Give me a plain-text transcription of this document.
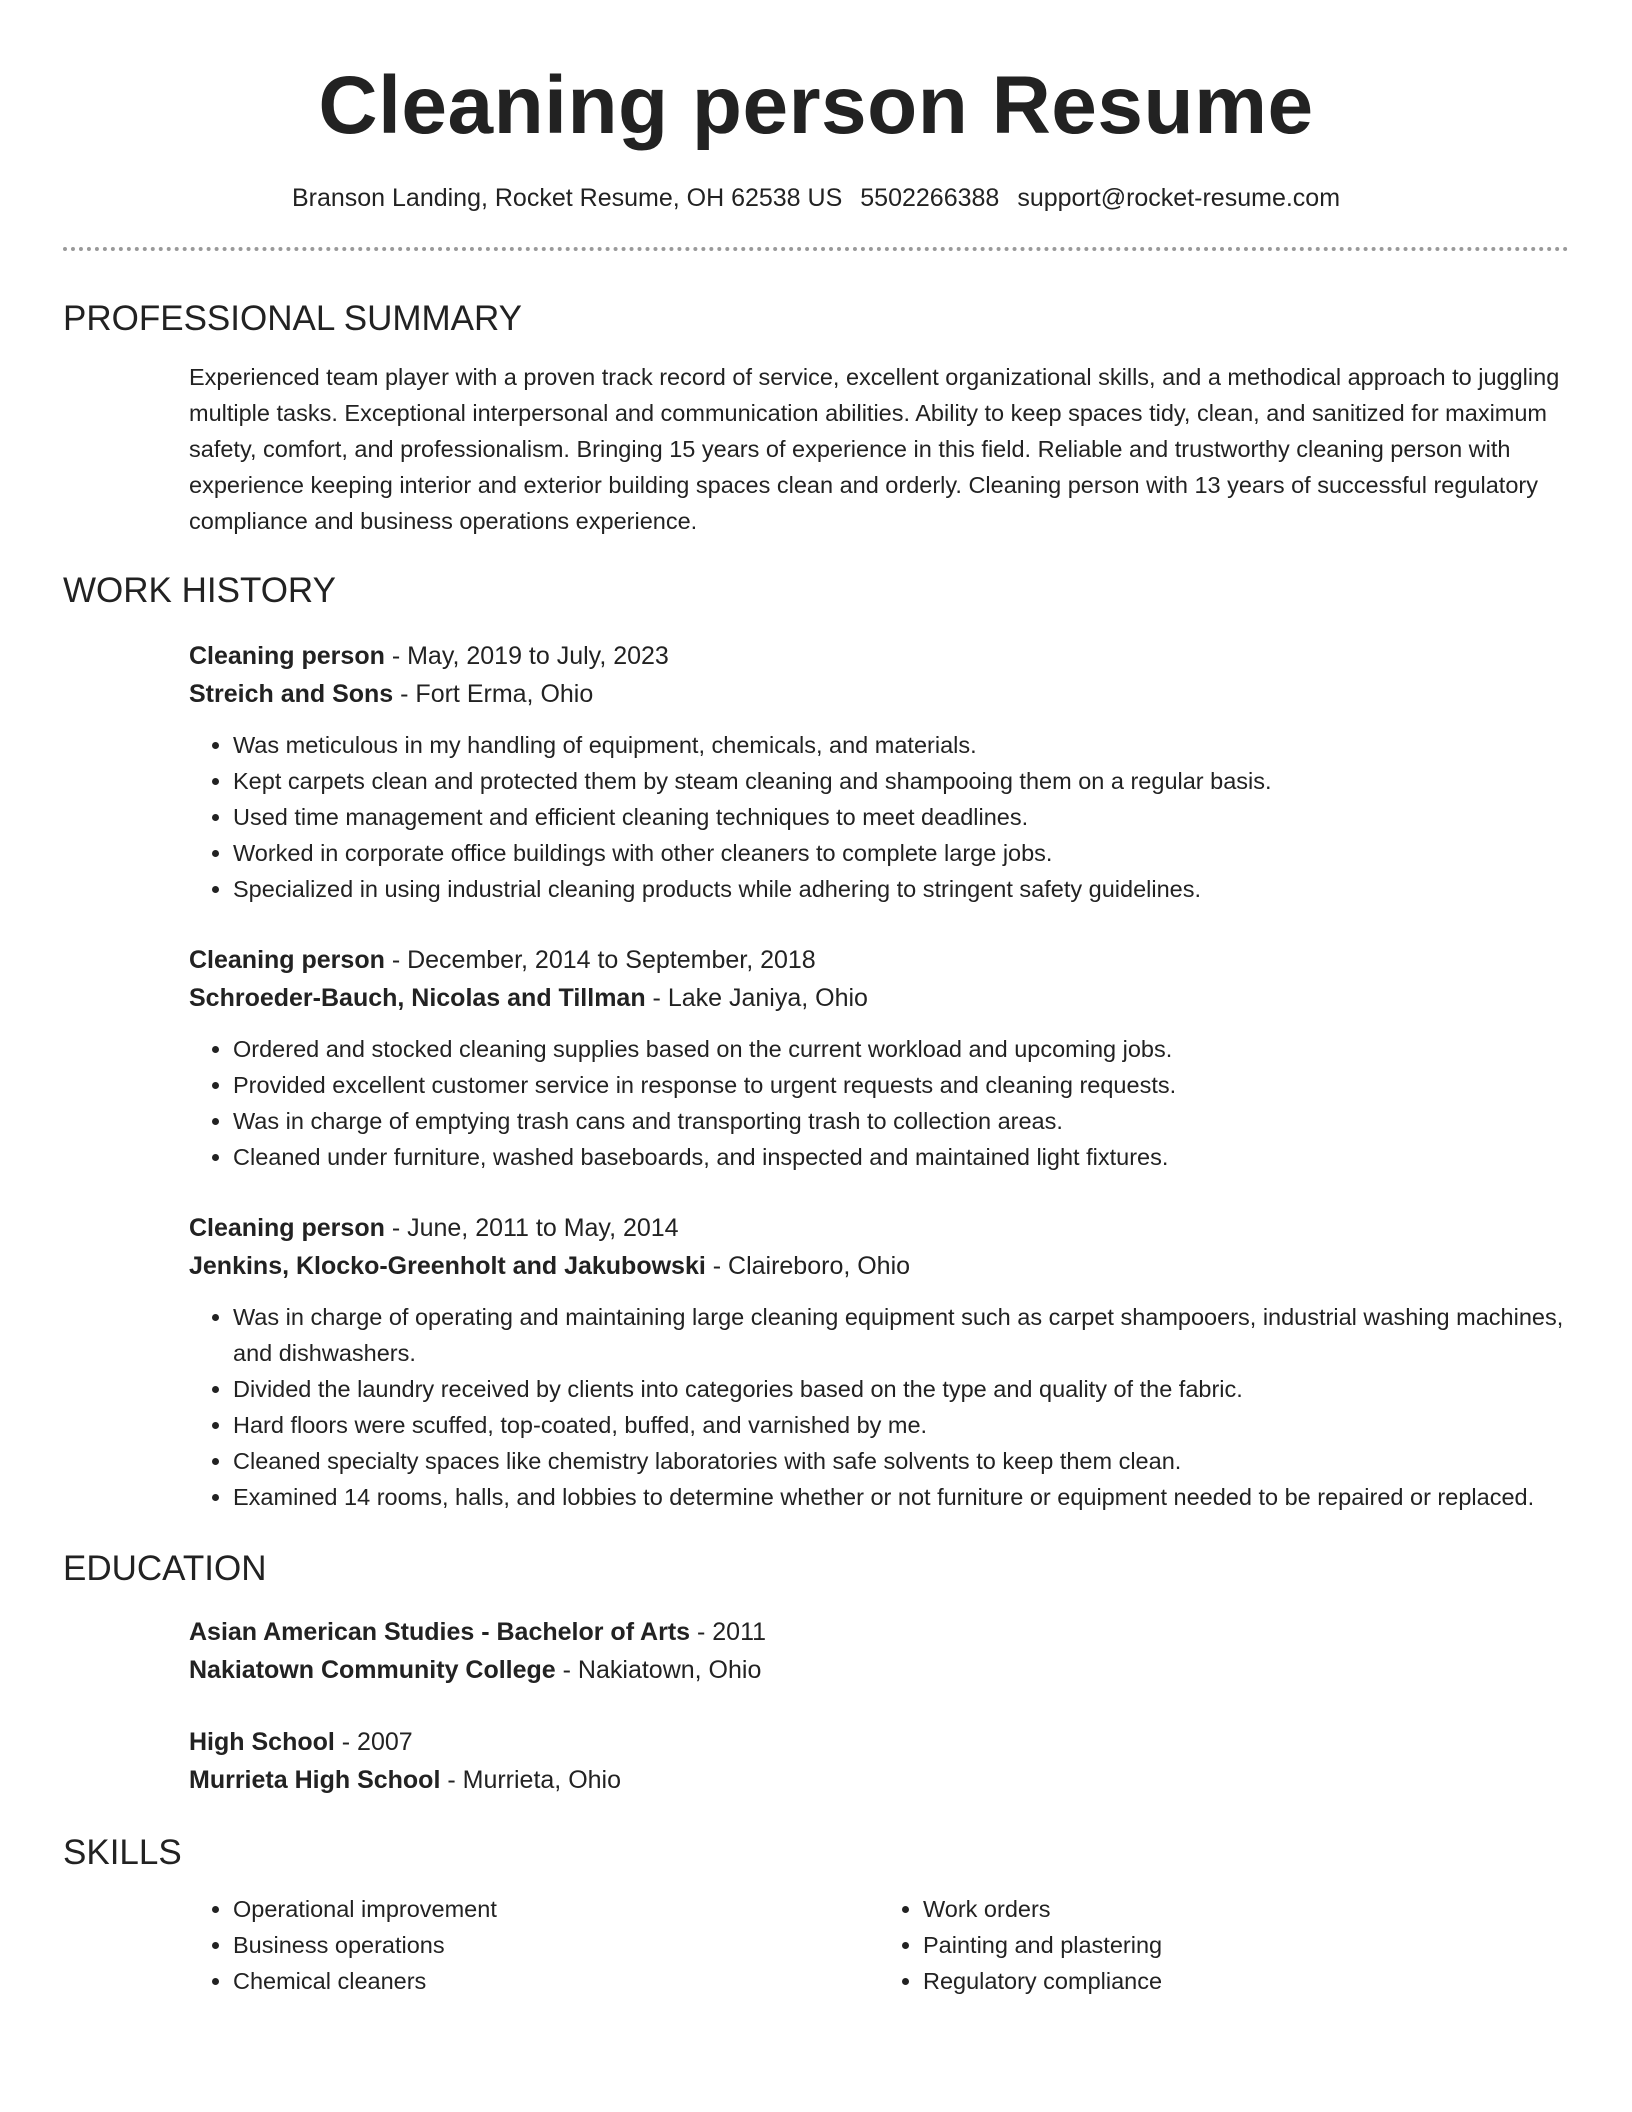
Cleaning person Resume
Branson Landing, Rocket Resume, OH 62538 US 5502266388 support@rocket-resume.com
PROFESSIONAL SUMMARY

Experienced team player with a proven track record of service, excellent organizational skills, and a methodical approach to juggling multiple tasks. Exceptional interpersonal and communication abilities. Ability to keep spaces tidy, clean, and sanitized for maximum safety, comfort, and professionalism. Bringing 15 years of experience in this field. Reliable and trustworthy cleaning person with experience keeping interior and exterior building spaces clean and orderly. Cleaning person with 13 years of successful regulatory compliance and business operations experience.

WORK HISTORY
Cleaning person - May, 2019 to July, 2023
Streich and Sons - Fort Erma, Ohio
• Was meticulous in my handling of equipment, chemicals, and materials.
• Kept carpets clean and protected them by steam cleaning and shampooing them on a regular basis.
• Used time management and efficient cleaning techniques to meet deadlines.
• Worked in corporate office buildings with other cleaners to complete large jobs.
• Specialized in using industrial cleaning products while adhering to stringent safety guidelines.
Cleaning person - December, 2014 to September, 2018
Schroeder-Bauch, Nicolas and Tillman - Lake Janiya, Ohio
• Ordered and stocked cleaning supplies based on the current workload and upcoming jobs.
• Provided excellent customer service in response to urgent requests and cleaning requests.
• Was in charge of emptying trash cans and transporting trash to collection areas.
• Cleaned under furniture, washed baseboards, and inspected and maintained light fixtures.
Cleaning person - June, 2011 to May, 2014
Jenkins, Klocko-Greenholt and Jakubowski - Claireboro, Ohio
• Was in charge of operating and maintaining large cleaning equipment such as carpet shampooers, industrial washing machines, and dishwashers.
• Divided the laundry received by clients into categories based on the type and quality of the fabric.
• Hard floors were scuffed, top-coated, buffed, and varnished by me.
• Cleaned specialty spaces like chemistry laboratories with safe solvents to keep them clean.
• Examined 14 rooms, halls, and lobbies to determine whether or not furniture or equipment needed to be repaired or replaced.
EDUCATION
Asian American Studies - Bachelor of Arts - 2011
Nakiatown Community College - Nakiatown, Ohio
High School - 2007
Murrieta High School - Murrieta, Ohio
SKILLS
• Operational improvement
• Business operations
• Chemical cleaners
• Work orders
• Painting and plastering
• Regulatory compliance
